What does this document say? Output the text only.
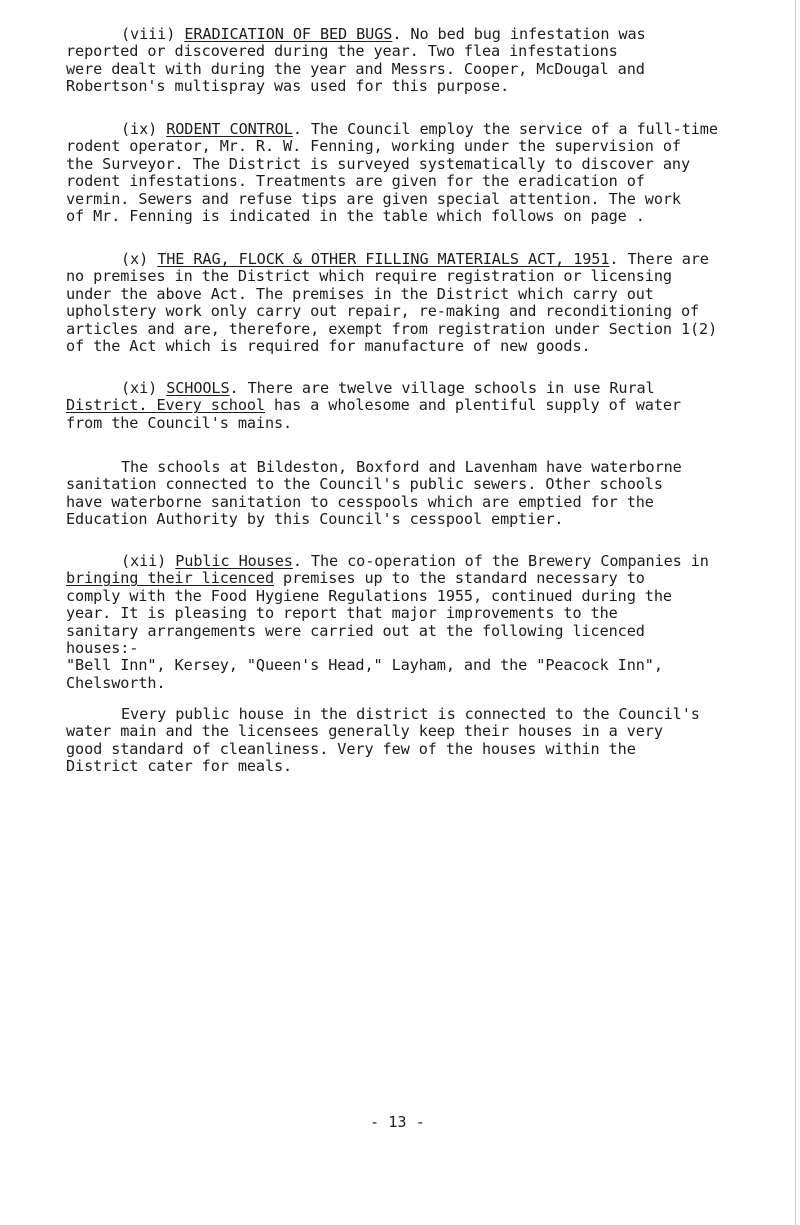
(viii) ERADICATION OF BED BUGS. No bed bug infestation was

reported or discovered during the year. Two flea infestations

were dealt with during the year and Messrs. Cooper, McDougal and

Robertson's multispray was used for this purpose.

(ix) RODENT CONTROL. The Council employ the service of a full-time

rodent operator, Mr. R. W. Fenning, working under the supervision of

the Surveyor. The District is surveyed systematically to discover any

rodent infestations. Treatments are given for the eradication of

vermin. Sewers and refuse tips are given special attention. The work

of Mr. Fenning is indicated in the table which follows on page .

(x) THE RAG, FLOCK & OTHER FILLING MATERIALS ACT, 1951. There are

no premises in the District which require registration or licensing

under the above Act. The premises in the District which carry out

upholstery work only carry out repair, re-making and reconditioning of

articles and are, therefore, exempt from registration under Section 1(2)

of the Act which is required for manufacture of new goods.

(xi) SCHOOLS. There are twelve village schools in use Rural

District. Every school has a wholesome and plentiful supply of water

from the Council's mains.

The schools at Bildeston, Boxford and Lavenham have waterborne

sanitation connected to the Council's public sewers. Other schools

have waterborne sanitation to cesspools which are emptied for the

Education Authority by this Council's cesspool emptier.

(xii) Public Houses. The co-operation of the Brewery Companies in

bringing their licenced premises up to the standard necessary to

comply with the Food Hygiene Regulations 1955, continued during the

year. It is pleasing to report that major improvements to the

sanitary arrangements were carried out at the following licenced

houses:-

"Bell Inn", Kersey, "Queen's Head," Layham, and the "Peacock Inn",

Chelsworth.

Every public house in the district is connected to the Council's

water main and the licensees generally keep their houses in a very

good standard of cleanliness. Very few of the houses within the

District cater for meals.

- 13 -
